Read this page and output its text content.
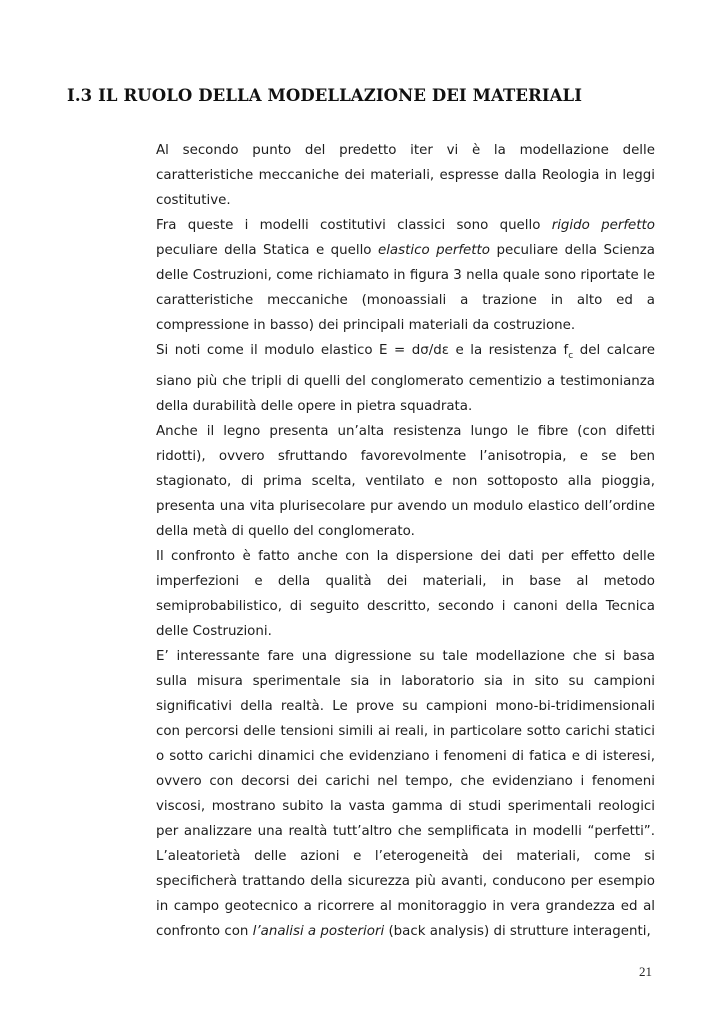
I.3 IL RUOLO DELLA MODELLAZIONE DEI MATERIALI

Al secondo punto del predetto iter vi è la modellazione delle caratteristiche meccaniche dei materiali, espresse dalla Reologia in leggi costitutive.

Fra queste i modelli costitutivi classici sono quello rigido perfetto peculiare della Statica e quello elastico perfetto peculiare della Scienza delle Costruzioni, come richiamato in figura 3 nella quale sono riportate le caratteristiche meccaniche (monoassiali a trazione in alto ed a compressione in basso) dei principali materiali da costruzione.

Si noti come il modulo elastico E = dσ/dε e la resistenza $f_c$ del calcare siano più che tripli di quelli del conglomerato cementizio a testimonianza della durabilità delle opere in pietra squadrata.

Anche il legno presenta un’alta resistenza lungo le fibre (con difetti ridotti), ovvero sfruttando favorevolmente l’anisotropia, e se ben stagionato, di prima scelta, ventilato e non sottoposto alla pioggia, presenta una vita plurisecolare pur avendo un modulo elastico dell’ordine della metà di quello del conglomerato.

Il confronto è fatto anche con la dispersione dei dati per effetto delle imperfezioni e della qualità dei materiali, in base al metodo semiprobabilistico, di seguito descritto, secondo i canoni della Tecnica delle Costruzioni.

E’ interessante fare una digressione su tale modellazione che si basa sulla misura sperimentale sia in laboratorio sia in sito su campioni significativi della realtà. Le prove su campioni mono-bi-tridimensionali con percorsi delle tensioni simili ai reali, in particolare sotto carichi statici o sotto carichi dinamici che evidenziano i fenomeni di fatica e di isteresi, ovvero con decorsi dei carichi nel tempo, che evidenziano i fenomeni viscosi, mostrano subito la vasta gamma di studi sperimentali reologici per analizzare una realtà tutt’altro che semplificata in modelli “perfetti”. L’aleatorietà delle azioni e l’eterogeneità dei materiali, come si specificherà trattando della sicurezza più avanti, conducono per esempio in campo geotecnico a ricorrere al monitoraggio in vera grandezza ed al confronto con l’analisi a posteriori (back analysis) di strutture interagenti,

21
